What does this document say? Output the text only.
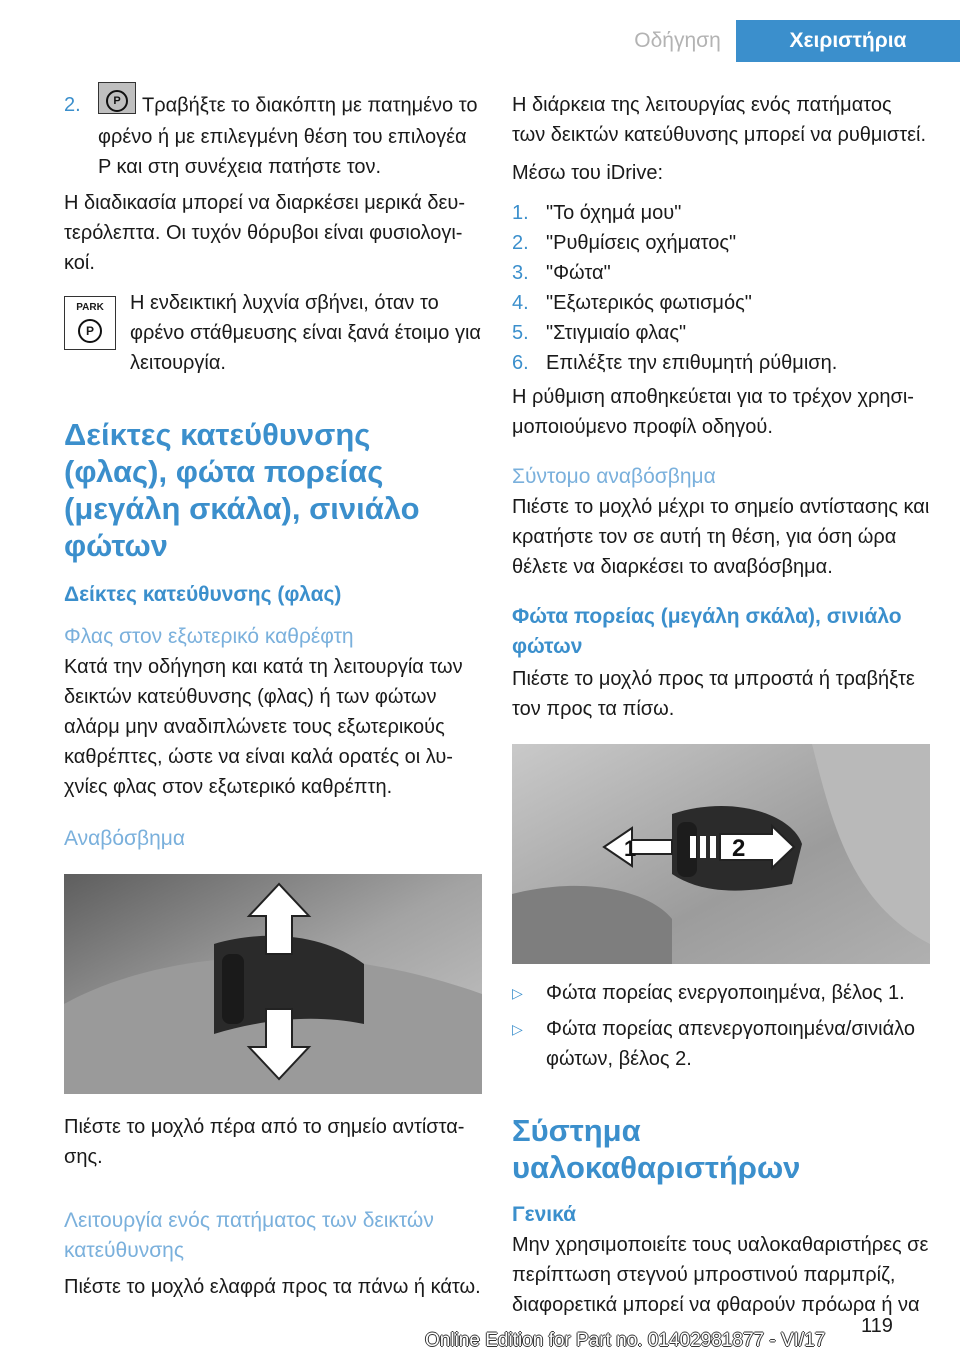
Οδήγηση	Χειριστήρια
2.	P Τραβήξτε το διακόπτη με πατημένο το φρένο ή με επιλεγμένη θέση του επιλογέα P και στη συνέχεια πατήστε τον.

Η διαδικασία μπορεί να διαρκέσει μερικά δευ-τερόλεπτα. Οι τυχόν θόρυβοι είναι φυσιολογι-κοί.

PARK
P

Η ενδεικτική λυχνία σβήνει, όταν το φρένο στάθμευσης είναι ξανά έτοιμο για λειτουργία.

Δείκτες κατεύθυνσης (φλας), φώτα πορείας (μεγάλη σκάλα), σινιάλο φώτων
Δείκτες κατεύθυνσης (φλας)
Φλας στον εξωτερικό καθρέφτη

Κατά την οδήγηση και κατά τη λειτουργία των δεικτών κατεύθυνσης (φλας) ή των φώτων αλάρμ μην αναδιπλώνετε τους εξωτερικούς καθρέπτες, ώστε να είναι καλά ορατές οι λυ-χνίες φλας στον εξωτερικό καθρέπτη.

Αναβόσβημα

Πιέστε το μοχλό πέρα από το σημείο αντίστα-σης.

Λειτουργία ενός πατήματος των δεικτών κατεύθυνσης

Πιέστε το μοχλό ελαφρά προς τα πάνω ή κάτω.

Η διάρκεια της λειτουργίας ενός πατήματος των δεικτών κατεύθυνσης μπορεί να ρυθμιστεί.

Μέσω του iDrive:

1. "Το όχημά μου"
2. "Ρυθμίσεις οχήματος"
3. "Φώτα"
4. "Εξωτερικός φωτισμός"
5. "Στιγμιαίο φλας"
6. Επιλέξτε την επιθυμητή ρύθμιση.

Η ρύθμιση αποθηκεύεται για το τρέχον χρησι-μοποιούμενο προφίλ οδηγού.

Σύντομο αναβόσβημα

Πιέστε το μοχλό μέχρι το σημείο αντίστασης και κρατήστε τον σε αυτή τη θέση, για όση ώρα θέλετε να διαρκέσει το αναβόσβημα.

Φώτα πορείας (μεγάλη σκάλα), σινιάλο φώτων

Πιέστε το μοχλό προς τα μπροστά ή τραβήξτε τον προς τα πίσω.

1	2
▷	Φώτα πορείας ενεργοποιημένα, βέλος 1.
▷	Φώτα πορείας απενεργοποιημένα/σινιάλο φώτων, βέλος 2.
Σύστημα υαλοκαθαριστήρων
Γενικά

Μην χρησιμοποιείτε τους υαλοκαθαριστήρες σε περίπτωση στεγνού μπροστινού παρμπρίζ, διαφορετικά μπορεί να φθαρούν πρόωρα ή να

119
Online Edition for Part no. 01402981877 - VI/17
